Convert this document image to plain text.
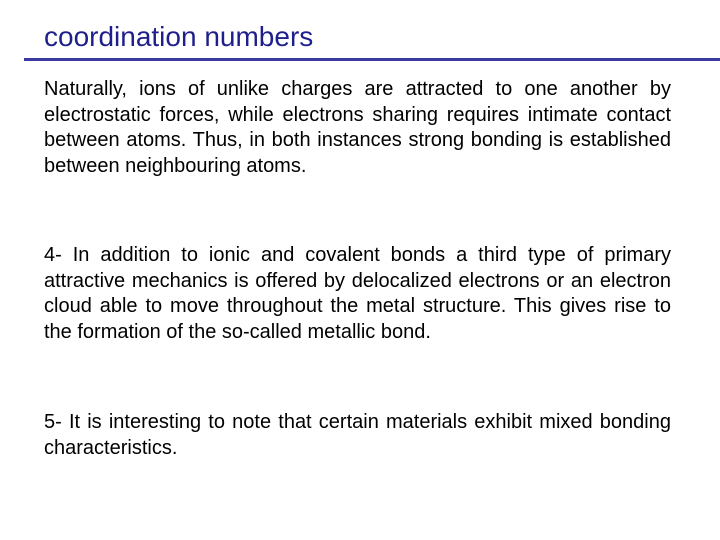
coordination numbers

Naturally, ions of unlike charges are attracted to one another by electrostatic forces, while electrons sharing requires intimate contact between atoms. Thus, in both instances strong bonding is established between neighbouring atoms.

4- In addition to ionic and covalent bonds a third type of primary attractive mechanics is offered by delocalized electrons or an electron cloud able to move throughout the metal structure. This gives rise to the formation of the so-called metallic bond.

5- It is interesting to note that certain materials exhibit mixed bonding characteristics.
